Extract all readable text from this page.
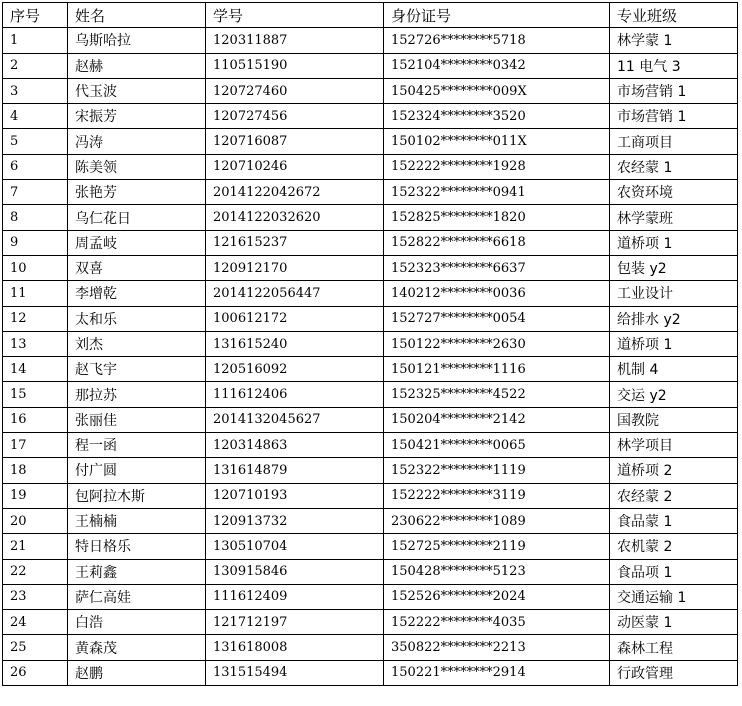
序号	姓名	学号	身份证号	专业班级
1	乌斯哈拉	120311887	152726********5718	林学蒙 1
2	赵赫	110515190	152104********0342	11 电气 3
3	代玉波	120727460	150425********009X	市场营销 1
4	宋振芳	120727456	152324********3520	市场营销 1
5	冯涛	120716087	150102********011X	工商项目
6	陈美领	120710246	152222********1928	农经蒙 1
7	张艳芳	2014122042672	152322********0941	农资环境
8	乌仁花日	2014122032620	152825********1820	林学蒙班
9	周孟岐	121615237	152822********6618	道桥项 1
10	双喜	120912170	152323********6637	包装 y2
11	李增乾	2014122056447	140212********0036	工业设计
12	太和乐	100612172	152727********0054	给排水 y2
13	刘杰	131615240	150122********2630	道桥项 1
14	赵飞宇	120516092	150121********1116	机制 4
15	那拉苏	111612406	152325********4522	交运 y2
16	张丽佳	2014132045627	150204********2142	国教院
17	程一函	120314863	150421********0065	林学项目
18	付广圆	131614879	152322********1119	道桥项 2
19	包阿拉木斯	120710193	152222********3119	农经蒙 2
20	王楠楠	120913732	230622********1089	食品蒙 1
21	特日格乐	130510704	152725********2119	农机蒙 2
22	王莉鑫	130915846	150428********5123	食品项 1
23	萨仁高娃	111612409	152526********2024	交通运输 1
24	白浩	121712197	152222********4035	动医蒙 1
25	黄森茂	131618008	350822********2213	森林工程
26	赵鹏	131515494	150221********2914	行政管理
